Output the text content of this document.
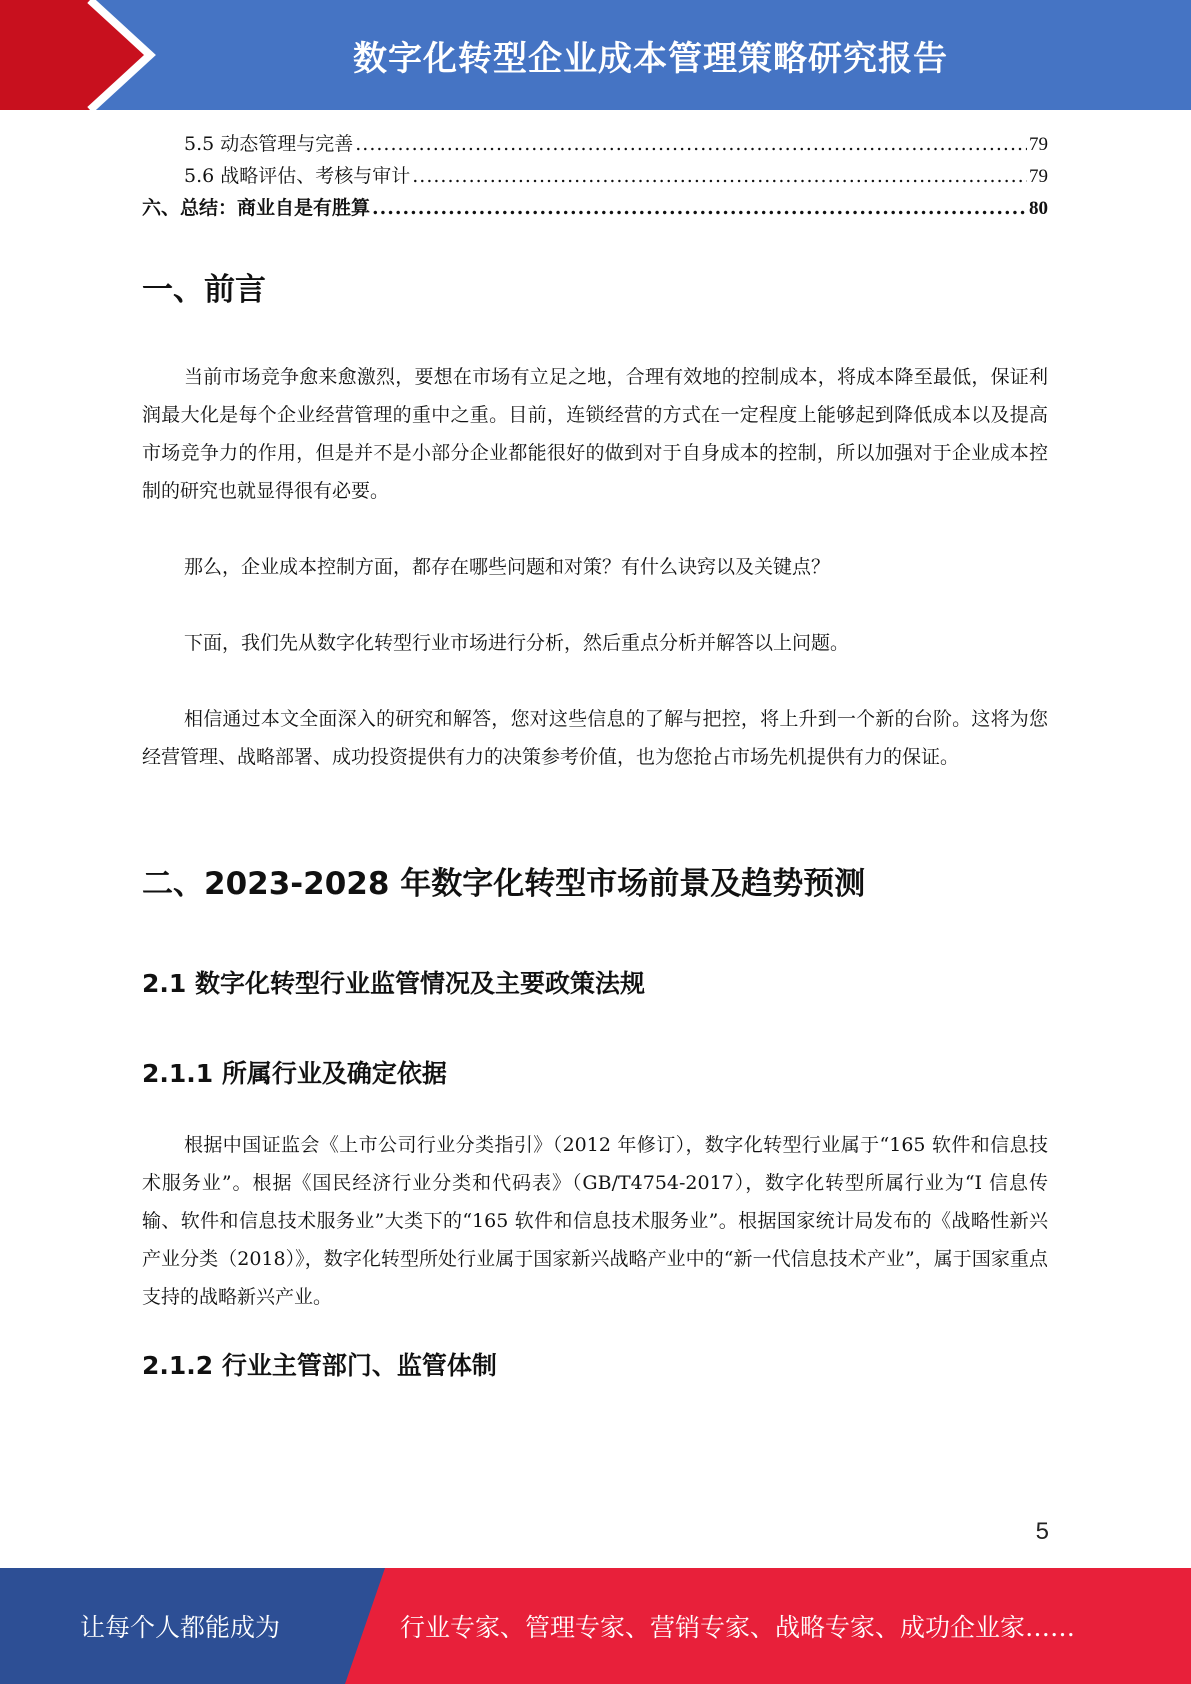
数字化转型企业成本管理策略研究报告
5.5 动态管理与完善 .....	79
5.6 战略评估、考核与审计 .....	79
六、总结：商业自是有胜算 .....	80
一、前言

当前市场竞争愈来愈激烈，要想在市场有立足之地，合理有效地的控制成本，将成本降至最低，保证利润最大化是每个企业经营管理的重中之重。目前，连锁经营的方式在一定程度上能够起到降低成本以及提高市场竞争力的作用，但是并不是小部分企业都能很好的做到对于自身成本的控制，所以加强对于企业成本控制的研究也就显得很有必要。

那么，企业成本控制方面，都存在哪些问题和对策？有什么诀窍以及关键点？

下面，我们先从数字化转型行业市场进行分析，然后重点分析并解答以上问题。

相信通过本文全面深入的研究和解答，您对这些信息的了解与把控，将上升到一个新的台阶。这将为您经营管理、战略部署、成功投资提供有力的决策参考价值，也为您抢占市场先机提供有力的保证。

二、2023-2028 年数字化转型市场前景及趋势预测
2.1 数字化转型行业监管情况及主要政策法规
2.1.1 所属行业及确定依据

根据中国证监会《上市公司行业分类指引》（2012 年修订），数字化转型行业属于“165 软件和信息技术服务业”。根据《国民经济行业分类和代码表》（GB/T4754-2017），数字化转型所属行业为“I 信息传输、软件和信息技术服务业”大类下的“165 软件和信息技术服务业”。根据国家统计局发布的《战略性新兴产业分类（2018）》，数字化转型所处行业属于国家新兴战略产业中的“新一代信息技术产业”，属于国家重点支持的战略新兴产业。

2.1.2 行业主管部门、监管体制
5
让每个人都能成为	行业专家、管理专家、营销专家、战略专家、成功企业家……
